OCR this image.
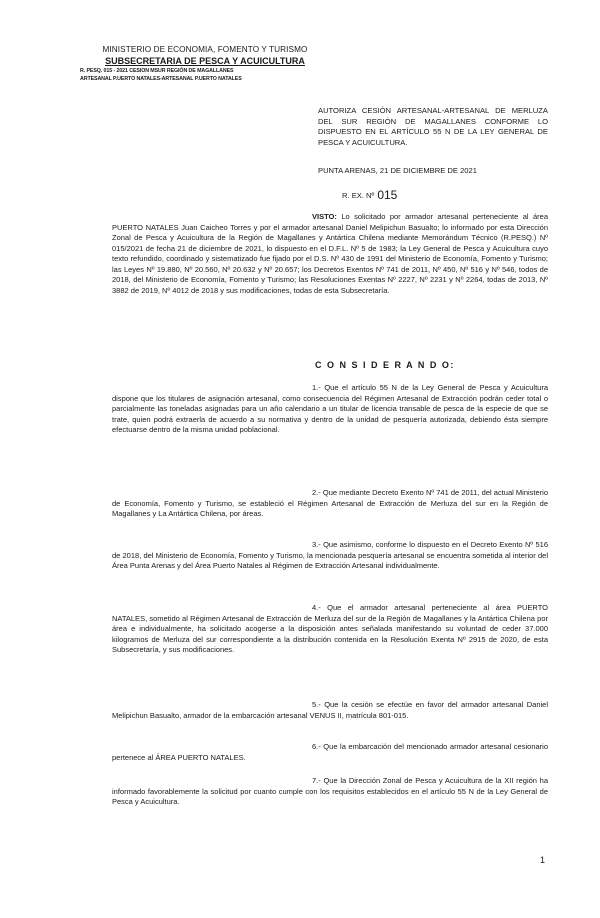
MINISTERIO DE ECONOMIA, FOMENTO Y TURISMO
SUBSECRETARIA DE PESCA Y ACUICULTURA
R. PESQ. 015 - 2021 CESION MSUR REGIÓN DE MAGALLANES
ARTESANAL P.UERTO NATALES-ARTESANAL P.UERTO NATALES
AUTORIZA CESIÓN ARTESANAL-ARTESANAL DE MERLUZA DEL SUR REGIÓN DE MAGALLANES CONFORME LO DISPUESTO EN EL ARTÍCULO 55 N DE LA LEY GENERAL DE PESCA Y ACUICULTURA.
PUNTA ARENAS, 21 DE DICIEMBRE DE 2021
R. EX. Nº 015
VISTO: Lo solicitado por armador artesanal perteneciente al área PUERTO NATALES Juan Caicheo Torres y por el armador artesanal Daniel Melipichun Basualto; lo informado por esta Dirección Zonal de Pesca y Acuicultura de la Región de Magallanes y Antártica Chilena mediante Memorándum Técnico (R.PESQ.) Nº 015/2021 de fecha 21 de diciembre de 2021, lo dispuesto en el D.F.L. Nº 5 de 1983; la Ley General de Pesca y Acuicultura cuyo texto refundido, coordinado y sistematizado fue fijado por el D.S. Nº 430 de 1991 del Ministerio de Economía, Fomento y Turismo; las Leyes Nº 19.880, Nº 20.560, Nº 20.632 y Nº 20.657; los Decretos Exentos Nº 741 de 2011, Nº 450, Nº 516 y Nº 546, todos de 2018, del Ministerio de Economía, Fomento y Turismo; las Resoluciones Exentas Nº 2227, Nº 2231 y Nº 2264, todas de 2013, Nº 3882 de 2019, Nº 4012 de 2018 y sus modificaciones, todas de esta Subsecretaría.
C O N S I D E R A N D O:
1.- Que el artículo 55 N de la Ley General de Pesca y Acuicultura dispone que los titulares de asignación artesanal, como consecuencia del Régimen Artesanal de Extracción podrán ceder total o parcialmente las toneladas asignadas para un año calendario a un titular de licencia transable de pesca de la especie de que se trate, quien podrá extraerla de acuerdo a su normativa y dentro de la unidad de pesquería autorizada, debiendo ésta siempre efectuarse dentro de la misma unidad poblacional.
2.- Que mediante Decreto Exento Nº 741 de 2011, del actual Ministerio de Economía, Fomento y Turismo, se estableció el Régimen Artesanal de Extracción de Merluza del sur en la Región de Magallanes y La Antártica Chilena, por áreas.
3.- Que asimismo, conforme lo dispuesto en el Decreto Exento Nº 516 de 2018, del Ministerio de Economía, Fomento y Turismo, la mencionada pesquería artesanal se encuentra sometida al interior del Área Punta Arenas y del Área Puerto Natales al Régimen de Extracción Artesanal individualmente.
4.- Que el armador artesanal perteneciente al área PUERTO NATALES, sometido al Régimen Artesanal de Extracción de Merluza del sur de la Región de Magallanes y la Antártica Chilena por área e individualmente, ha solicitado acogerse a la disposición antes señalada manifestando su voluntad de ceder 37.000 kilogramos de Merluza del sur correspondiente a la distribución contenida en la Resolución Exenta Nº 2915 de 2020, de esta Subsecretaría, y sus modificaciones.
5.- Que la cesión se efectúe en favor del armador artesanal Daniel Melipichun Basualto, armador de la embarcación artesanal VENUS II, matrícula 801-015.
6.- Que la embarcación del mencionado armador artesanal cesionario pertenece al ÁREA PUERTO NATALES.
7.- Que la Dirección Zonal de Pesca y Acuicultura de la XII región ha informado favorablemente la solicitud por cuanto cumple con los requisitos establecidos en el artículo 55 N de la Ley General de Pesca y Acuicultura.
1
